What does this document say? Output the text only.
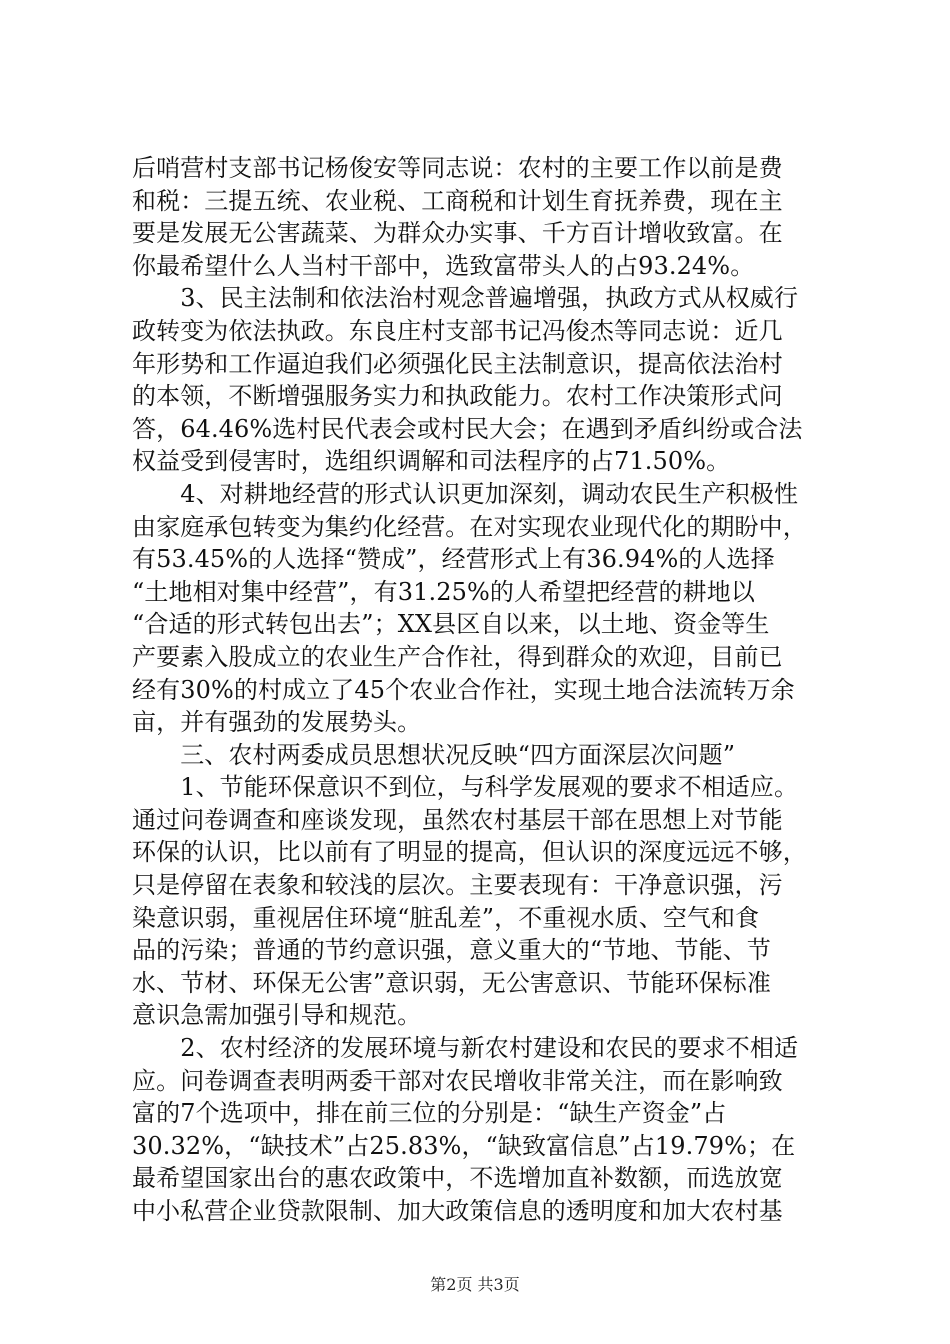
后哨营村支部书记杨俊安等同志说：农村的主要工作以前是费
和税：三提五统、农业税、工商税和计划生育抚养费，现在主
要是发展无公害蔬菜、为群众办实事、千方百计增收致富。在
你最希望什么人当村干部中，选致富带头人的占93.24%。
　　3、民主法制和依法治村观念普遍增强，执政方式从权威行
政转变为依法执政。东良庄村支部书记冯俊杰等同志说：近几
年形势和工作逼迫我们必须强化民主法制意识，提高依法治村
的本领，不断增强服务实力和执政能力。农村工作决策形式问
答，64.46%选村民代表会或村民大会；在遇到矛盾纠纷或合法
权益受到侵害时，选组织调解和司法程序的占71.50%。
　　4、对耕地经营的形式认识更加深刻，调动农民生产积极性
由家庭承包转变为集约化经营。在对实现农业现代化的期盼中，
有53.45%的人选择“赞成”，经营形式上有36.94%的人选择
“土地相对集中经营”，有31.25%的人希望把经营的耕地以
“合适的形式转包出去”；XX县区自以来，以土地、资金等生
产要素入股成立的农业生产合作社，得到群众的欢迎，目前已
经有30%的村成立了45个农业合作社，实现土地合法流转万余
亩，并有强劲的发展势头。
　　三、农村两委成员思想状况反映“四方面深层次问题”
　　1、节能环保意识不到位，与科学发展观的要求不相适应。
通过问卷调查和座谈发现，虽然农村基层干部在思想上对节能
环保的认识，比以前有了明显的提高，但认识的深度远远不够，
只是停留在表象和较浅的层次。主要表现有：干净意识强，污
染意识弱，重视居住环境“脏乱差”，不重视水质、空气和食
品的污染；普通的节约意识强，意义重大的“节地、节能、节
水、节材、环保无公害”意识弱，无公害意识、节能环保标准
意识急需加强引导和规范。
　　2、农村经济的发展环境与新农村建设和农民的要求不相适
应。问卷调查表明两委干部对农民增收非常关注，而在影响致
富的7个选项中，排在前三位的分别是：“缺生产资金”占
30.32%，“缺技术”占25.83%，“缺致富信息”占19.79%；在
最希望国家出台的惠农政策中，不选增加直补数额，而选放宽
中小私营企业贷款限制、加大政策信息的透明度和加大农村基
第2页 共3页
